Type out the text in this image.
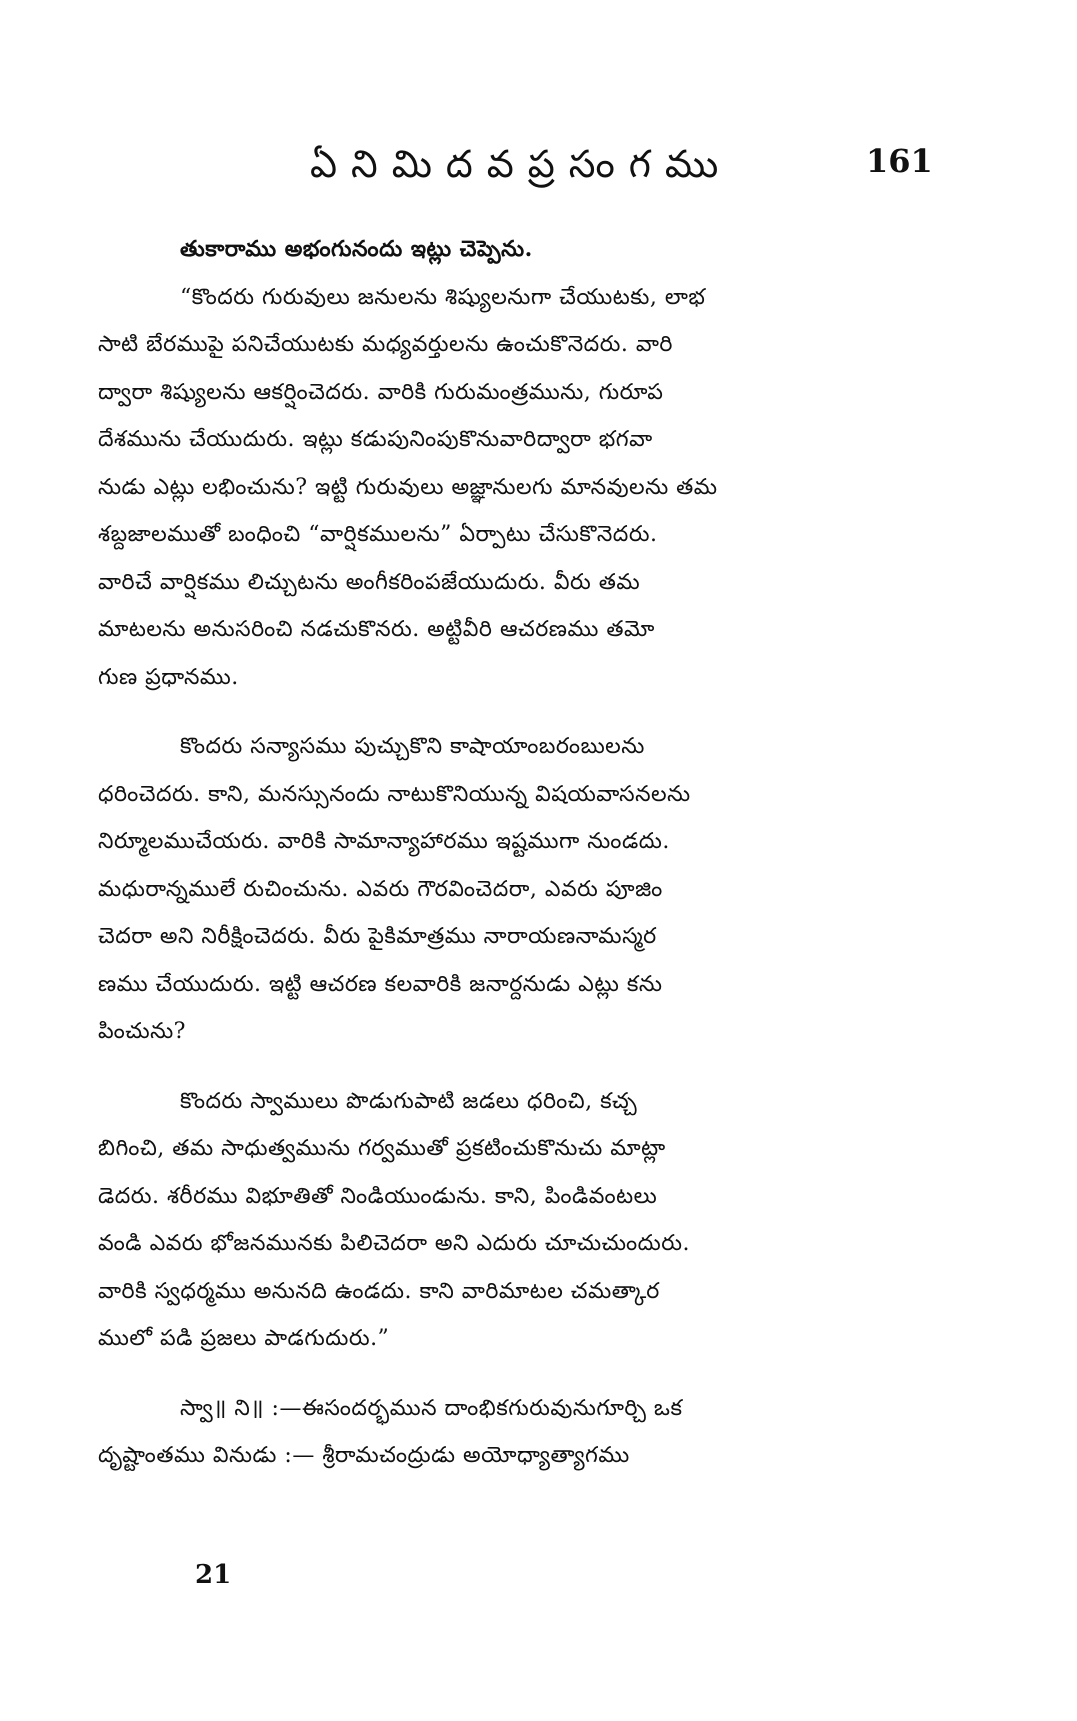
ఏనిమిదవప్రసంగము	161
తుకారాము అభంగునందు ఇట్లు చెప్పెను.
“కొందరు గురువులు జనులను శిష్యులనుగా చేయుటకు, లాభ
సాటి బేరముపై పనిచేయుటకు మధ్యవర్తులను ఉంచుకొనెదరు. వారి
ద్వారా శిష్యులను ఆకర్షించెదరు. వారికి గురుమంత్రమును, గురూప
దేశమును చేయుదురు. ఇట్లు కడుపునింపుకొనువారిద్వారా భగవా
నుడు ఎట్లు లభించును? ఇట్టి గురువులు అజ్ఞానులగు మానవులను తమ
శబ్దజాలముతో బంధించి “వార్షికములను” ఏర్పాటు చేసుకొనెదరు.
వారిచే వార్షికము లిచ్చుటను అంగీకరింపజేయుదురు. వీరు తమ
మాటలను అనుసరించి నడచుకొనరు. అట్టివీరి ఆచరణము తమో
గుణ ప్రధానము.
కొందరు సన్యాసము పుచ్చుకొని కాషాయాంబరంబులను
ధరించెదరు. కాని, మనస్సునందు నాటుకొనియున్న విషయవాసనలను
నిర్మూలముచేయరు. వారికి సామాన్యాహారము ఇష్టముగా నుండదు.
మధురాన్నములే రుచించును. ఎవరు గౌరవించెదరా, ఎవరు పూజిం
చెదరా అని నిరీక్షించెదరు. వీరు పైకిమాత్రము నారాయణనామస్మర
ణము చేయుదురు. ఇట్టి ఆచరణ కలవారికి జనార్దనుడు ఎట్లు కను
పించును?
కొందరు స్వాములు పొడుగుపాటి జడలు ధరించి, కచ్చ
బిగించి, తమ సాధుత్వమును గర్వముతో ప్రకటించుకొనుచు మాట్లా
డెదరు. శరీరము విభూతితో నిండియుండును. కాని, పిండివంటలు
వండి ఎవరు భోజనమునకు పిలిచెదరా అని ఎదురు చూచుచుందురు.
వారికి స్వధర్మము అనునది ఉండదు. కాని వారిమాటల చమత్కార
ములో పడి ప్రజలు పాడగుదురు.”
స్వా॥ ని॥ :—ఈసందర్భమున దాంభికగురువునుగూర్చి ఒక
దృష్టాంతము వినుడు :— శ్రీరామచంద్రుడు అయోధ్యాత్యాగము
21
